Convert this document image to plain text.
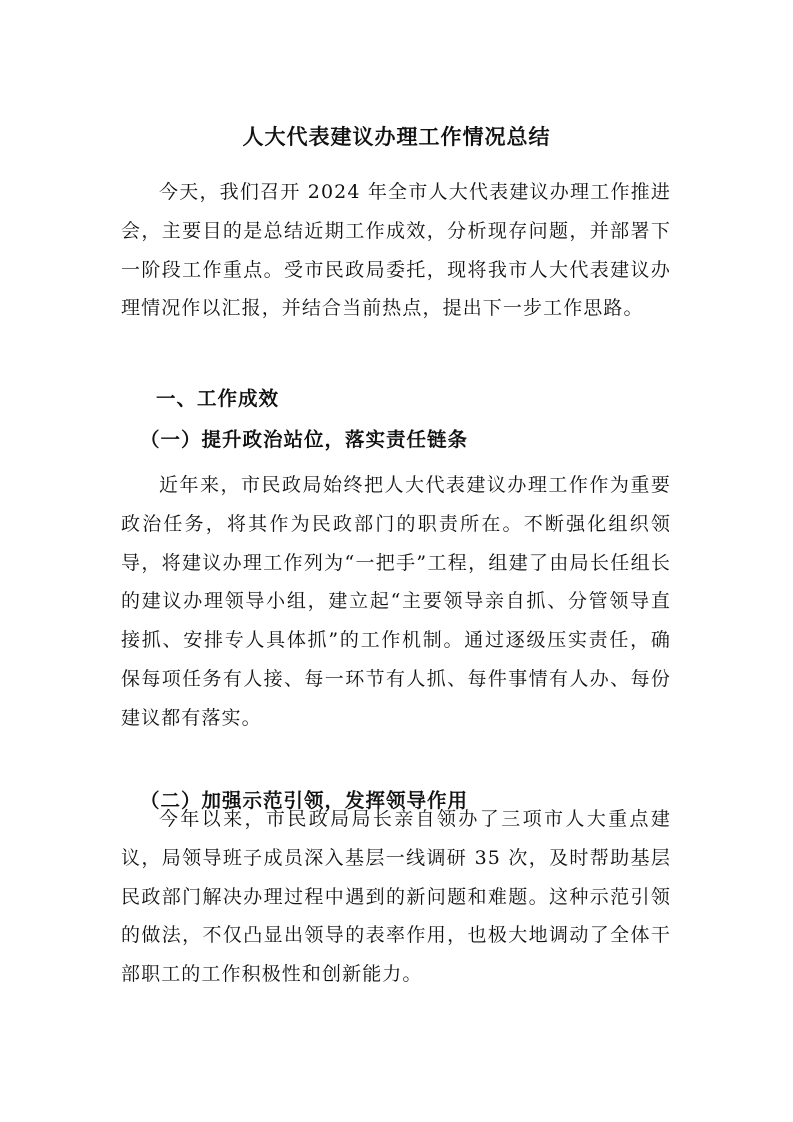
人大代表建议办理工作情况总结

今天，我们召开 2024 年全市人大代表建议办理工作推进会，主要目的是总结近期工作成效，分析现存问题，并部署下一阶段工作重点。受市民政局委托，现将我市人大代表建议办理情况作以汇报，并结合当前热点，提出下一步工作思路。

一、工作成效
（一）提升政治站位，落实责任链条

近年来，市民政局始终把人大代表建议办理工作作为重要政治任务，将其作为民政部门的职责所在。不断强化组织领导，将建议办理工作列为“一把手”工程，组建了由局长任组长的建议办理领导小组，建立起“主要领导亲自抓、分管领导直接抓、安排专人具体抓”的工作机制。通过逐级压实责任，确保每项任务有人接、每一环节有人抓、每件事情有人办、每份建议都有落实。

（二）加强示范引领，发挥领导作用

今年以来，市民政局局长亲自领办了三项市人大重点建议，局领导班子成员深入基层一线调研 35 次，及时帮助基层民政部门解决办理过程中遇到的新问题和难题。这种示范引领的做法，不仅凸显出领导的表率作用，也极大地调动了全体干部职工的工作积极性和创新能力。
